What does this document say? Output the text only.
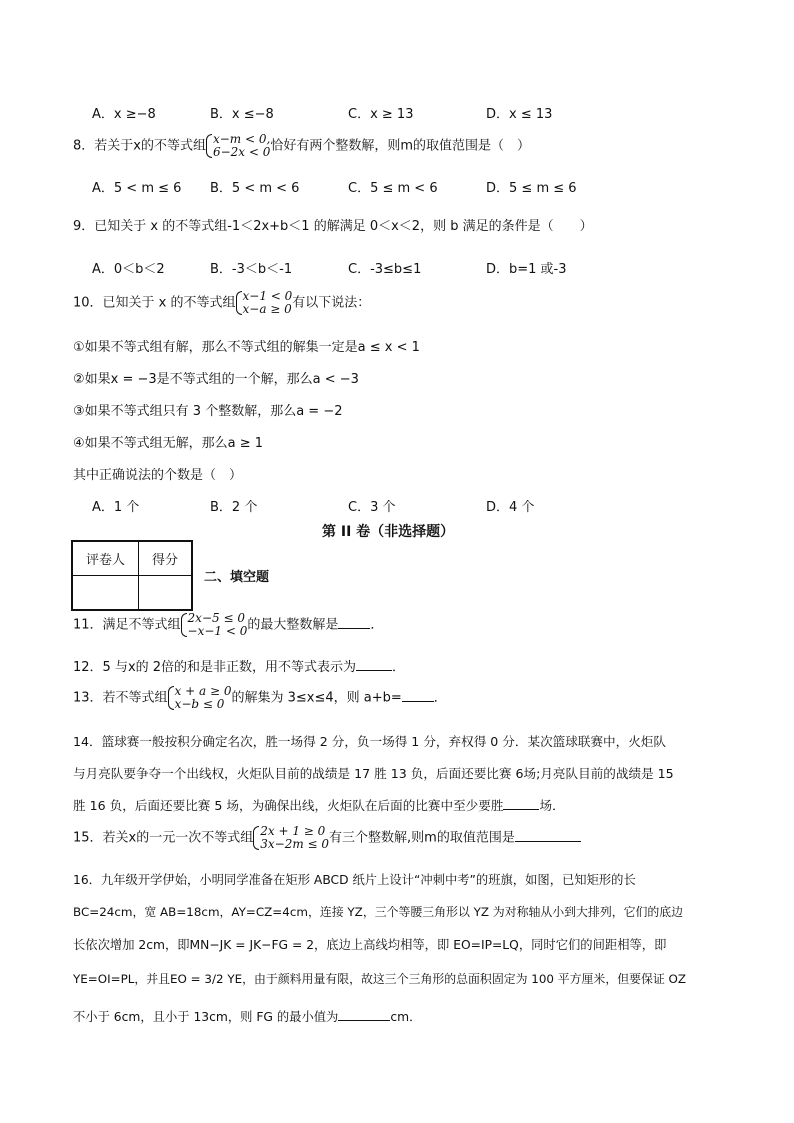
A．x ≥−8	B．x ≤−8	C．x ≥ 13	D．x ≤ 13
8．若关于x的不等式组 x−m < 0,
6−2x < 0 恰好有两个整数解，则m的取值范围是（　）
A．5 < m ≤ 6 B．5 < m < 6	C．5 ≤ m < 6	D．5 ≤ m ≤ 6
9．已知关于 x 的不等式组-1＜2x+b＜1 的解满足 0＜x＜2，则 b 满足的条件是（　　）
A．0＜b＜2	B．-3＜b＜-1	C．-3≤b≤1	D．b=1 或-3
10．已知关于 x 的不等式组 x−1 < 0
x−a ≥ 0 有以下说法：
①如果不等式组有解，那么不等式组的解集一定是a ≤ x < 1
②如果x = −3是不等式组的一个解，那么a < −3
③如果不等式组只有 3 个整数解，那么a = −2
④如果不等式组无解，那么a ≥ 1
其中正确说法的个数是（　）
A．1 个	B．2 个	C．3 个	D．4 个
第 II 卷（非选择题）
评卷人	得分

二、填空题
11．满足不等式组 2x−5 ≤ 0
−x−1 < 0 的最大整数解是 ．
12．5 与x的 2倍的和是非正数，用不等式表示为	．
13．若不等式组 x + a ≥ 0
x−b ≤ 0 的解集为 3≤x≤4，则 a+b= ．
14．篮球赛一般按积分确定名次，胜一场得 2 分，负一场得 1 分，弃权得 0 分．某次篮球联赛中，火炬队
与月亮队要争夺一个出线权，火炬队目前的战绩是 17 胜 13 负，后面还要比赛 6场;月亮队目前的战绩是 15
胜 16 负，后面还要比赛 5 场，为确保出线，火炬队在后面的比赛中至少要胜	场．
15．若关x的一元一次不等式组 2x + 1 ≥ 0
3x−2m ≤ 0 有三个整数解,则m的取值范围是
16．九年级开学伊始，小明同学准备在矩形 ABCD 纸片上设计“冲刺中考”的班旗，如图，已知矩形的长
BC=24cm，宽 AB=18cm，AY=CZ=4cm，连接 YZ，三个等腰三角形以 YZ 为对称轴从小到大排列，它们的底边
长依次增加 2cm，即MN−JK = JK−FG = 2，底边上高线均相等，即 EO=IP=LQ，同时它们的间距相等，即
YE=OI=PL，并且EO = 3/2 YE，由于颜料用量有限，故这三个三角形的总面积固定为 100 平方厘米，但要保证 OZ
不小于 6cm，且小于 13cm，则 FG 的最小值为	cm．
